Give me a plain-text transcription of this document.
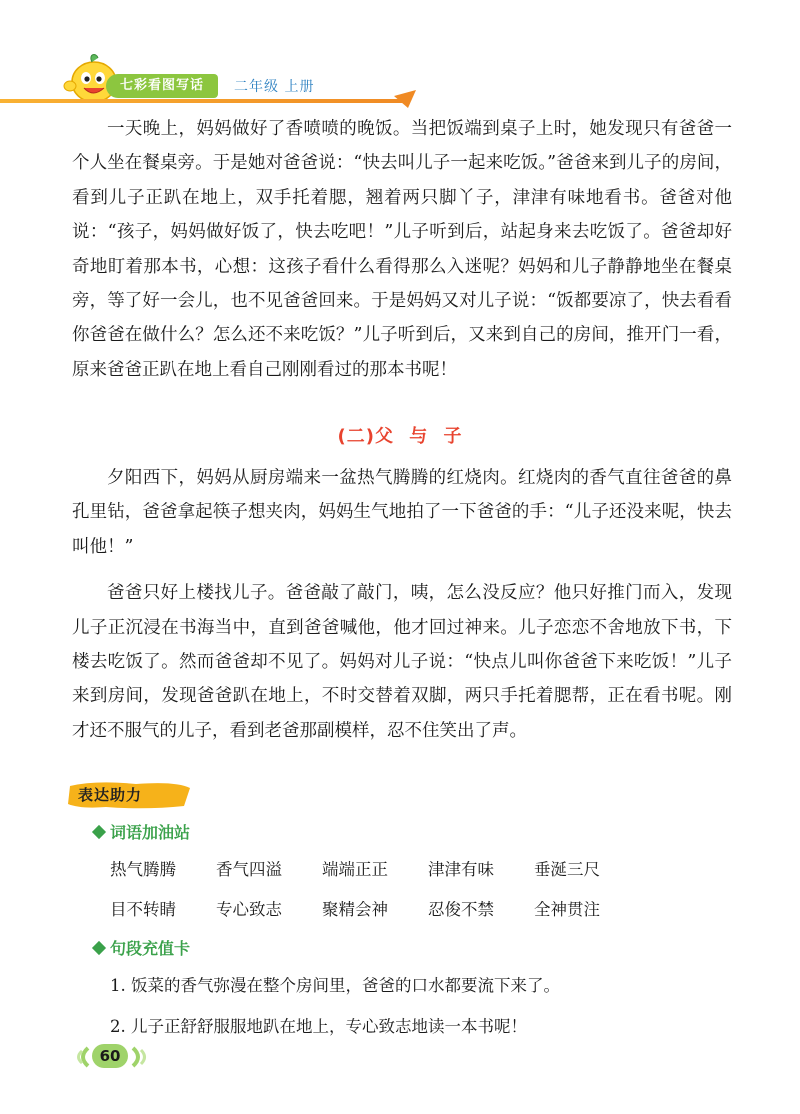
七彩看图写话	二年级 上册

一天晚上，妈妈做好了香喷喷的晚饭。当把饭端到桌子上时，她发现只有爸爸一个人坐在餐桌旁。于是她对爸爸说：“快去叫儿子一起来吃饭。”爸爸来到儿子的房间，看到儿子正趴在地上，双手托着腮，翘着两只脚丫子，津津有味地看书。爸爸对他说：“孩子，妈妈做好饭了，快去吃吧！”儿子听到后，站起身来去吃饭了。爸爸却好奇地盯着那本书，心想：这孩子看什么看得那么入迷呢？妈妈和儿子静静地坐在餐桌旁，等了好一会儿，也不见爸爸回来。于是妈妈又对儿子说：“饭都要凉了，快去看看你爸爸在做什么？怎么还不来吃饭？”儿子听到后，又来到自己的房间，推开门一看，原来爸爸正趴在地上看自己刚刚看过的那本书呢！

(二)父 与 子

夕阳西下，妈妈从厨房端来一盆热气腾腾的红烧肉。红烧肉的香气直往爸爸的鼻孔里钻，爸爸拿起筷子想夹肉，妈妈生气地拍了一下爸爸的手：“儿子还没来呢，快去叫他！”

爸爸只好上楼找儿子。爸爸敲了敲门，咦，怎么没反应？他只好推门而入，发现儿子正沉浸在书海当中，直到爸爸喊他，他才回过神来。儿子恋恋不舍地放下书，下楼去吃饭了。然而爸爸却不见了。妈妈对儿子说：“快点儿叫你爸爸下来吃饭！”儿子来到房间，发现爸爸趴在地上，不时交替着双脚，两只手托着腮帮，正在看书呢。刚才还不服气的儿子，看到老爸那副模样，忍不住笑出了声。

表达助力
词语加油站
热气腾腾	香气四溢	端端正正	津津有味	垂涎三尺
目不转睛	专心致志	聚精会神	忍俊不禁	全神贯注
句段充值卡
1. 饭菜的香气弥漫在整个房间里，爸爸的口水都要流下来了。
2. 儿子正舒舒服服地趴在地上，专心致志地读一本书呢！
60
